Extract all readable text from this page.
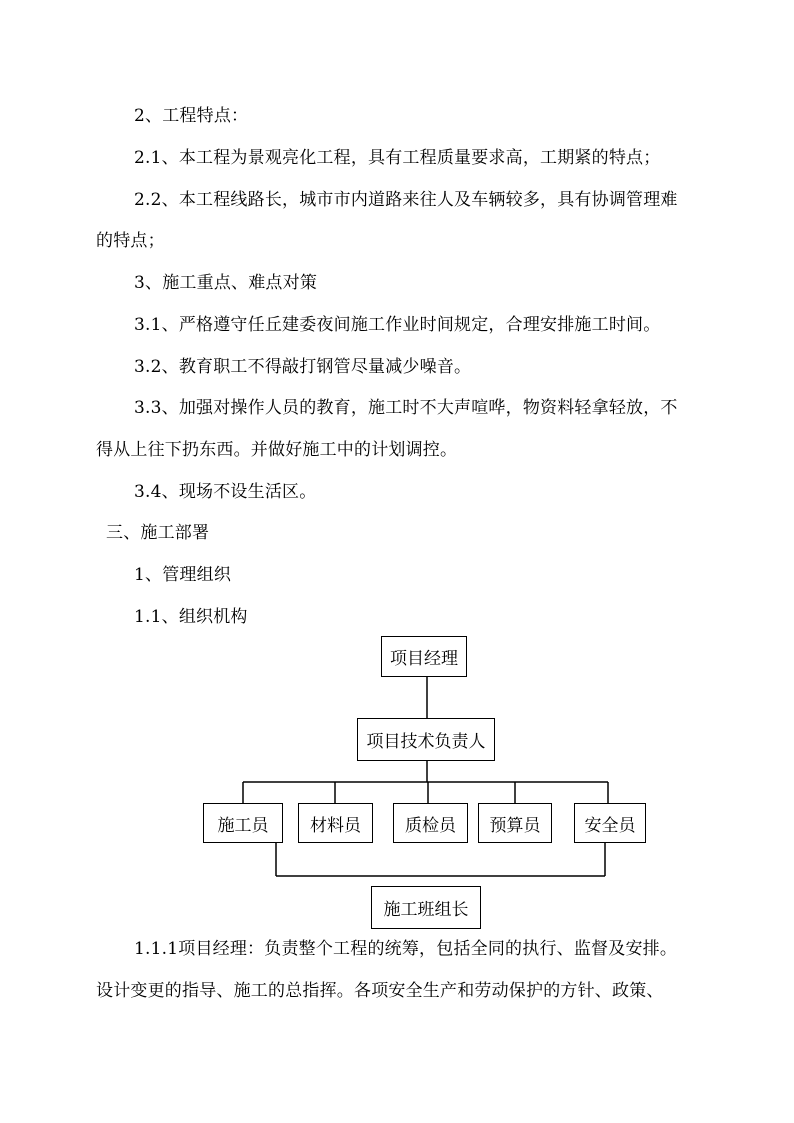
2、工程特点：
2.1、本工程为景观亮化工程，具有工程质量要求高，工期紧的特点；
2.2、本工程线路长，城市市内道路来往人及车辆较多，具有协调管理难
的特点；
3、施工重点、难点对策
3.1、严格遵守任丘建委夜间施工作业时间规定，合理安排施工时间。
3.2、教育职工不得敲打钢管尽量减少噪音。
3.3、加强对操作人员的教育，施工时不大声喧哗，物资料轻拿轻放，不
得从上往下扔东西。并做好施工中的计划调控。
3.4、现场不设生活区。
三、施工部署
1、管理组织
1.1、组织机构
项目经理
项目技术负责人
施工员	材料员	质检员	预算员	安全员
施工班组长
1.1.1项目经理：负责整个工程的统筹，包括全同的执行、监督及安排。
设计变更的指导、施工的总指挥。各项安全生产和劳动保护的方针、政策、
